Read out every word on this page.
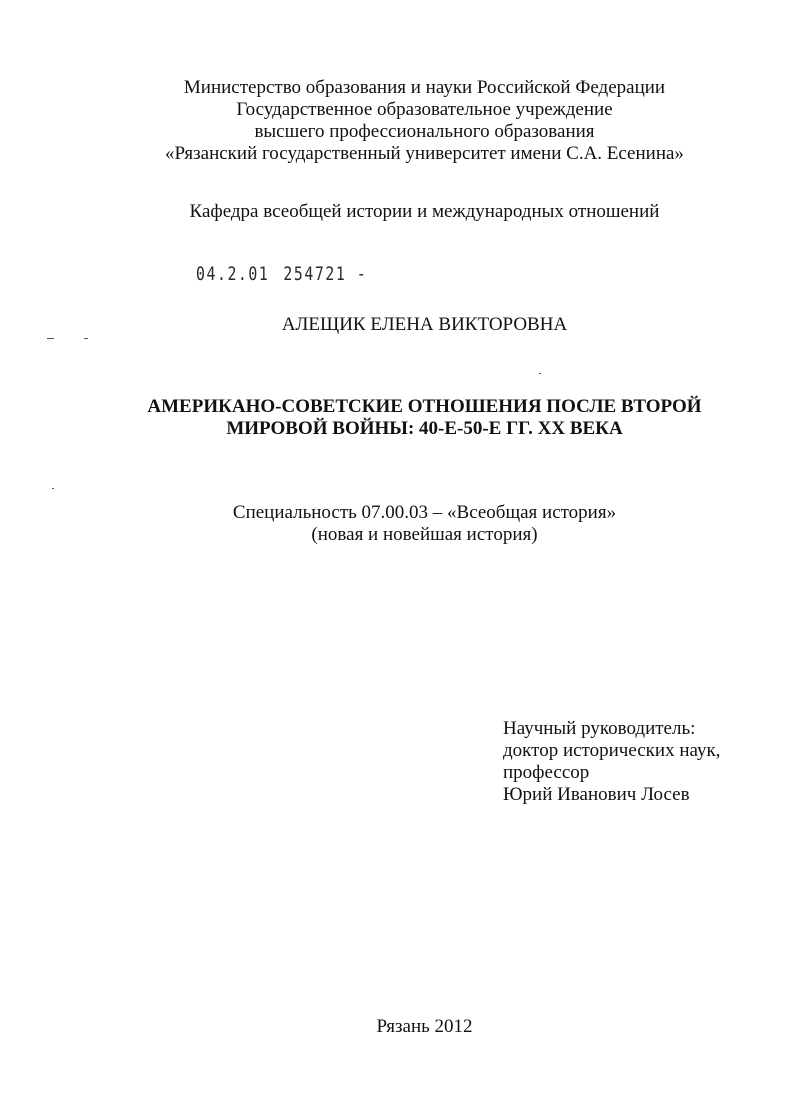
Министерство образования и науки Российской Федерации
Государственное образовательное учреждение
высшего профессионального образования
«Рязанский государственный университет имени С.А. Есенина»
Кафедра всеобщей истории и международных отношений
04.2.01 254721 -
АЛЕЩИК ЕЛЕНА ВИКТОРОВНА
АМЕРИКАНО-СОВЕТСКИЕ ОТНОШЕНИЯ ПОСЛЕ ВТОРОЙ
МИРОВОЙ ВОЙНЫ: 40-Е-50-Е ГГ. XX ВЕКА
Специальность 07.00.03 – «Всеобщая история»
(новая и новейшая история)
Научный руководитель:
доктор исторических наук,
профессор
Юрий Иванович Лосев
Рязань 2012
